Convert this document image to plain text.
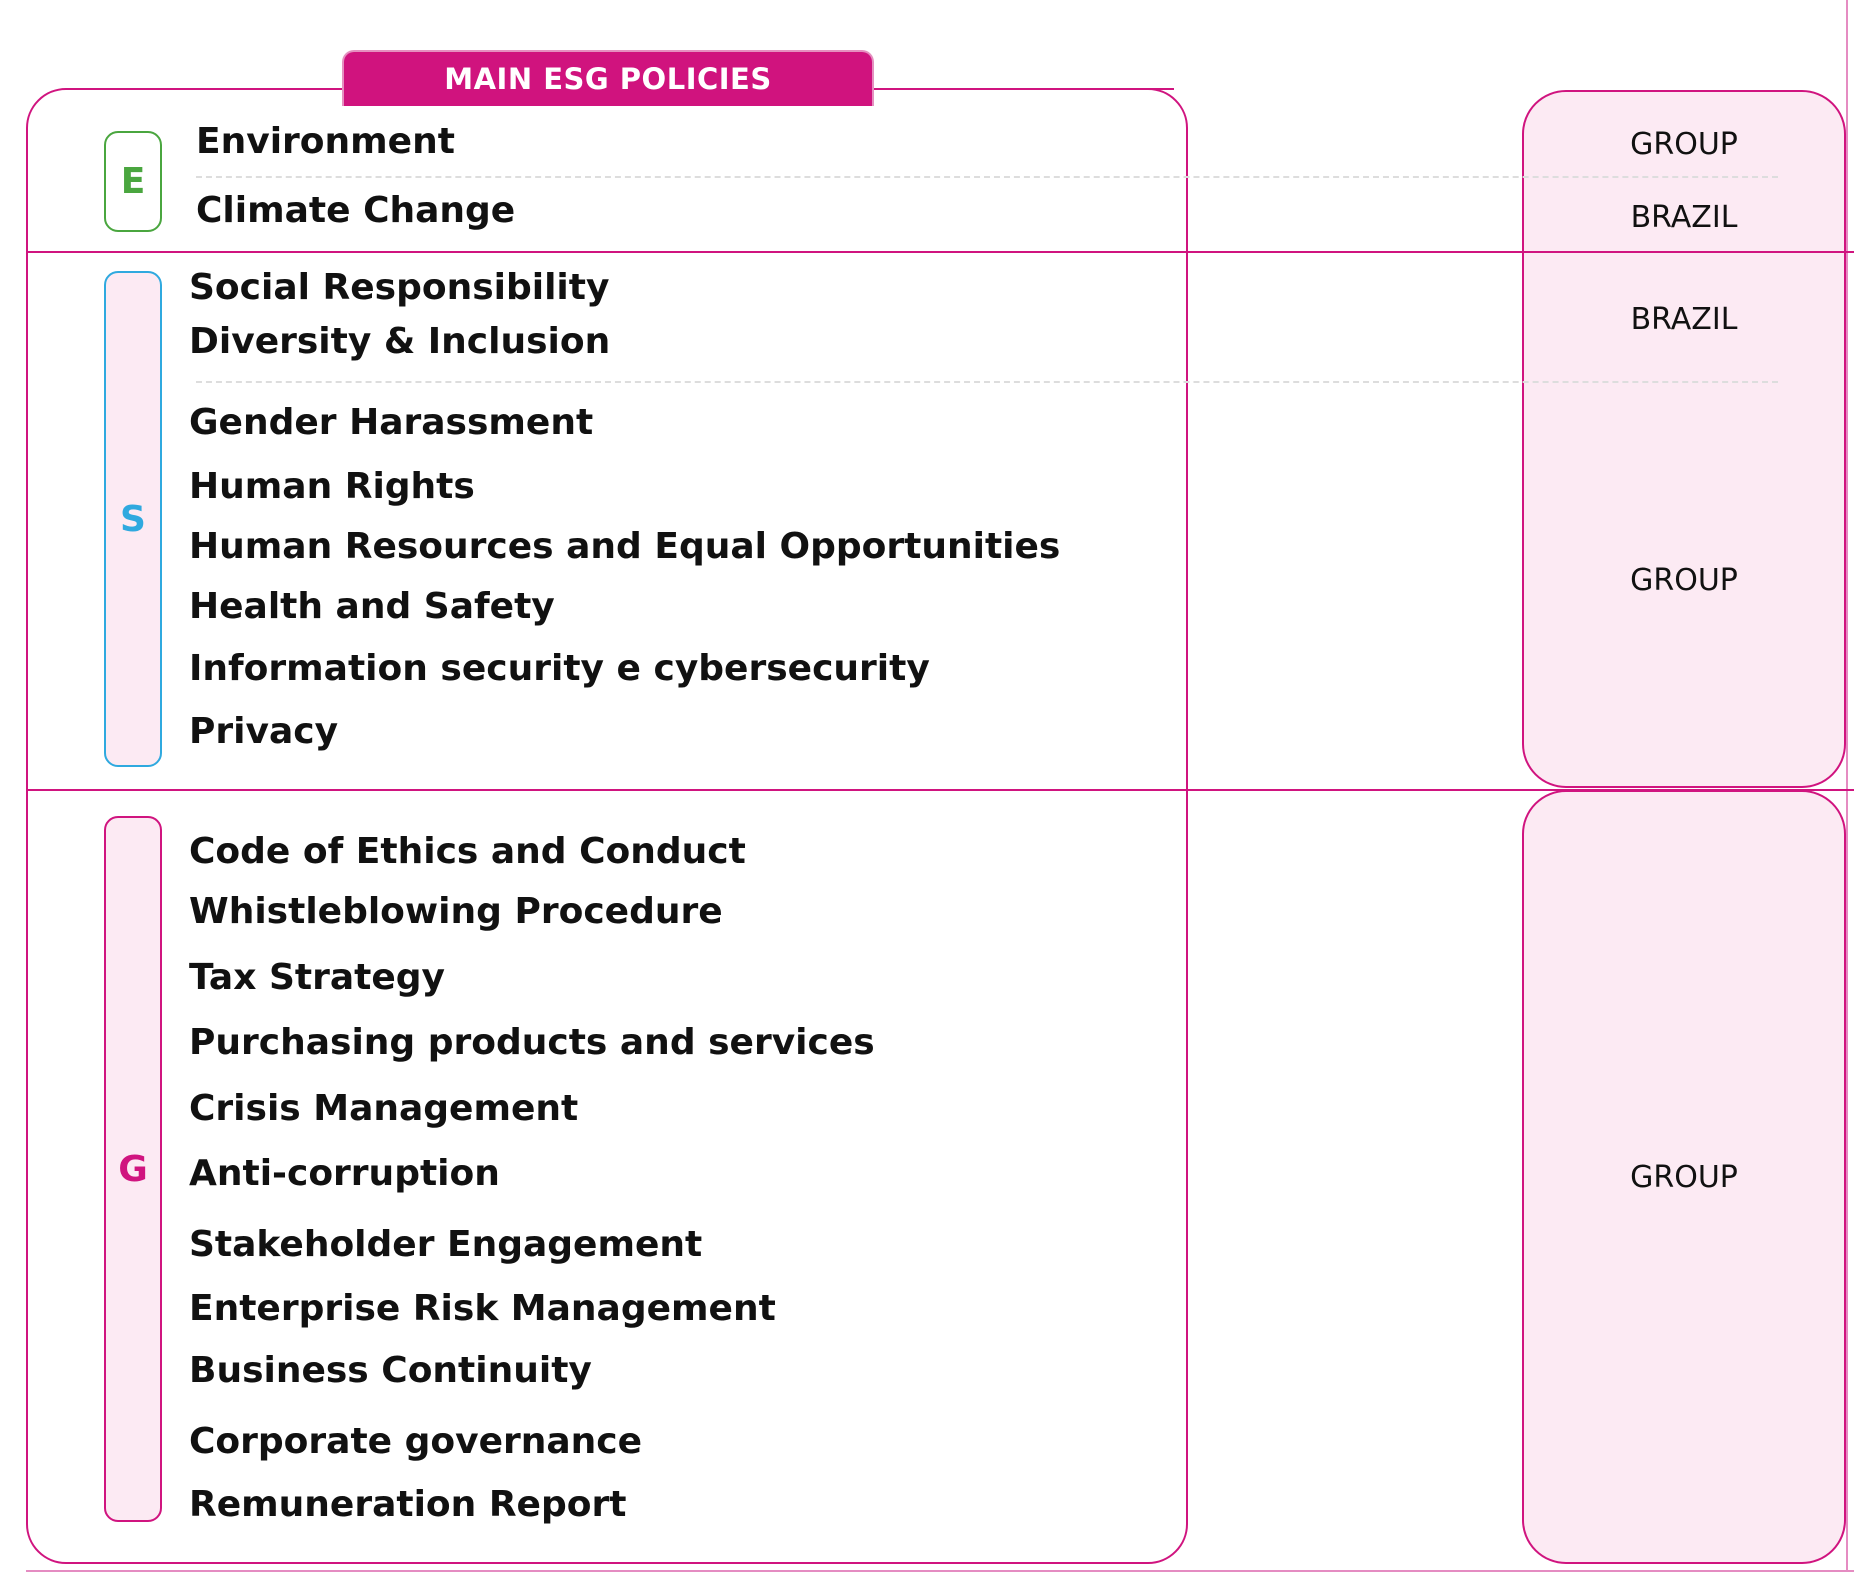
MAIN ESG POLICIES
E
S
G
Environment
Climate Change
Social Responsibility
Diversity & Inclusion
Gender Harassment
Human Rights
Human Resources and Equal Opportunities
Health and Safety
Information security e cybersecurity
Privacy
Code of Ethics and Conduct
Whistleblowing Procedure
Tax Strategy
Purchasing products and services
Crisis Management
Anti-corruption
Stakeholder Engagement
Enterprise Risk Management
Business Continuity
Corporate governance
Remuneration Report
GROUP
BRAZIL
BRAZIL
GROUP
GROUP
